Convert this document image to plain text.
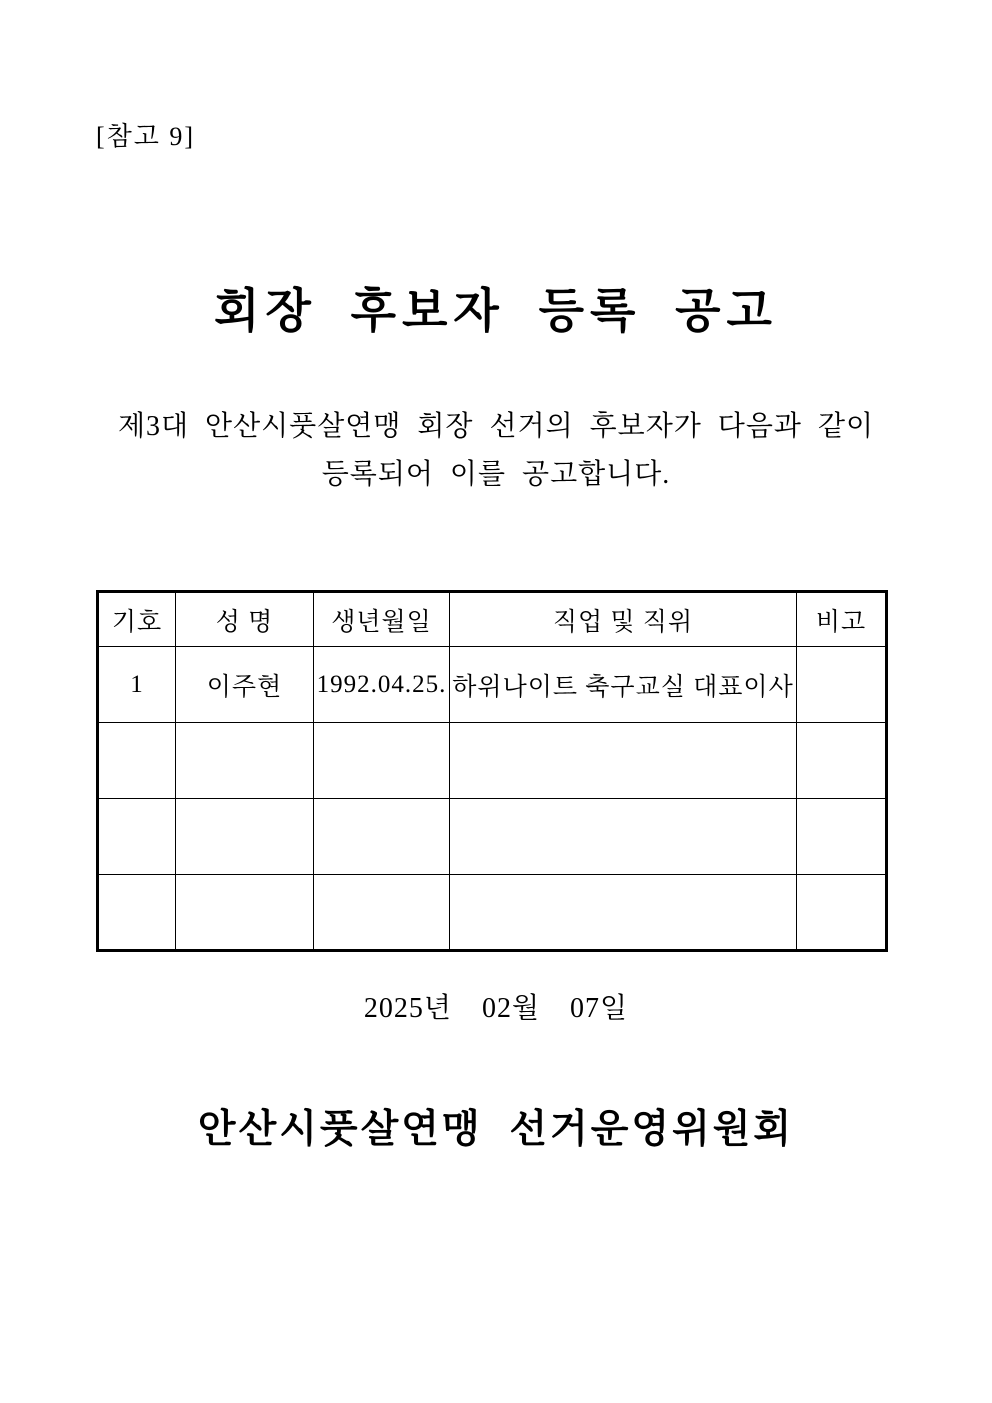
[참고 9]
회장 후보자 등록 공고
제3대 안산시풋살연맹 회장 선거의 후보자가 다음과 같이
등록되어 이를 공고합니다.
기호	성 명	생년월일	직업 및 직위	비고
1	이주현	1992.04.25.	하위나이트 축구교실 대표이사	

2025년 02월 07일
안산시풋살연맹 선거운영위원회
